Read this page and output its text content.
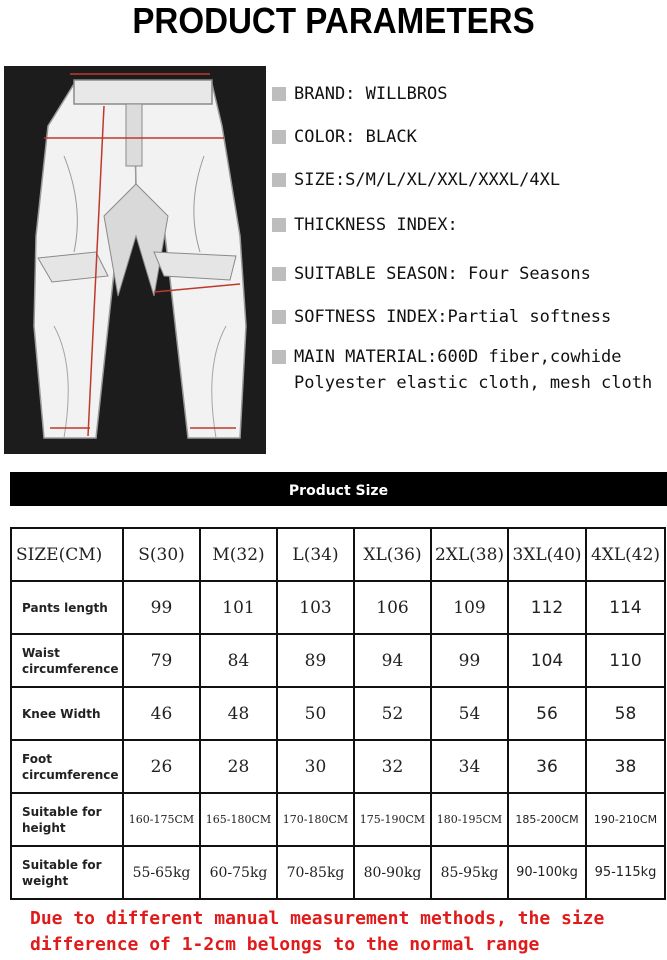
PRODUCT PARAMETERS
BRAND: WILLBROS
COLOR: BLACK
SIZE:S/M/L/XL/XXL/XXXL/4XL
THICKNESS INDEX:
SUITABLE SEASON: Four Seasons
SOFTNESS INDEX:Partial softness
MAIN MATERIAL:600D fiber,cowhide Polyester elastic cloth, mesh cloth
Product Size
SIZE(CM)	S(30)	M(32)	L(34)	XL(36)	2XL(38)	3XL(40)	4XL(42)
Pants length	99	101	103	106	109	112	114
Waist circumference	79	84	89	94	99	104	110
Knee Width	46	48	50	52	54	56	58
Foot circumference	26	28	30	32	34	36	38
Suitable for height	160-175CM	165-180CM	170-180CM	175-190CM	180-195CM	185-200CM	190-210CM
Suitable for weight	55-65kg	60-75kg	70-85kg	80-90kg	85-95kg	90-100kg	95-115kg
Due to different manual measurement methods, the size difference of 1-2cm belongs to the normal range
